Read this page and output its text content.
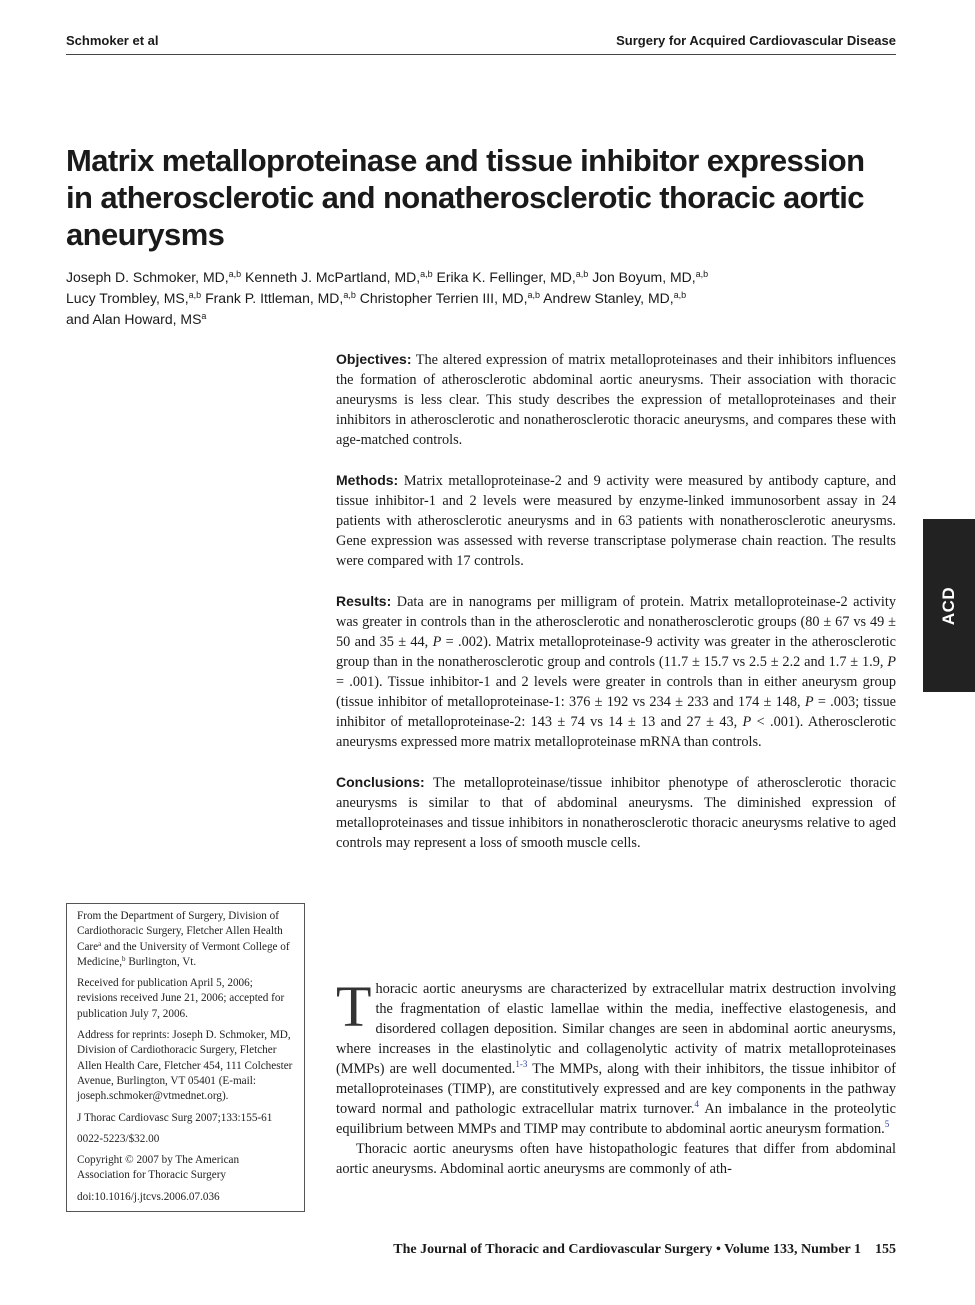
Schmoker et al	Surgery for Acquired Cardiovascular Disease
Matrix metalloproteinase and tissue inhibitor expression in atherosclerotic and nonatherosclerotic thoracic aortic aneurysms
Joseph D. Schmoker, MD,$^{a,b}$ Kenneth J. McPartland, MD,$^{a,b}$ Erika K. Fellinger, MD,$^{a,b}$ Jon Boyum, MD,$^{a,b}$
Lucy Trombley, MS,$^{a,b}$ Frank P. Ittleman, MD,$^{a,b}$ Christopher Terrien III, MD,$^{a,b}$ Andrew Stanley, MD,$^{a,b}$
and Alan Howard, $MS^a$

Objectives: The altered expression of matrix metalloproteinases and their inhibitors influences the formation of atherosclerotic abdominal aortic aneurysms. Their association with thoracic aneurysms is less clear. This study describes the expression of metalloproteinases and their inhibitors in atherosclerotic and nonatherosclerotic thoracic aneurysms, and compares these with age-matched controls.

Methods: Matrix metalloproteinase-2 and 9 activity were measured by antibody capture, and tissue inhibitor-1 and 2 levels were measured by enzyme-linked immunosorbent assay in 24 patients with atherosclerotic aneurysms and in 63 patients with nonatherosclerotic aneurysms. Gene expression was assessed with reverse transcriptase polymerase chain reaction. The results were compared with 17 controls.

Results: Data are in nanograms per milligram of protein. Matrix metalloproteinase-2 activity was greater in controls than in the atherosclerotic and nonatherosclerotic groups (80 ± 67 vs 49 ± 50 and 35 ± 44, P = .002). Matrix metalloproteinase-9 activity was greater in the atherosclerotic group than in the nonatherosclerotic group and controls (11.7 ± 15.7 vs 2.5 ± 2.2 and 1.7 ± 1.9, P = .001). Tissue inhibitor-1 and 2 levels were greater in controls than in either aneurysm group (tissue inhibitor of metalloproteinase-1: 376 ± 192 vs 234 ± 233 and 174 ± 148, P = .003; tissue inhibitor of metalloproteinase-2: 143 ± 74 vs 14 ± 13 and 27 ± 43, P < .001). Atherosclerotic aneurysms expressed more matrix metalloproteinase mRNA than controls.

Conclusions: The metalloproteinase/tissue inhibitor phenotype of atherosclerotic thoracic aneurysms is similar to that of abdominal aneurysms. The diminished expression of metalloproteinases and tissue inhibitors in nonatherosclerotic thoracic aneurysms relative to aged controls may represent a loss of smooth muscle cells.

ACD

From the Department of Surgery, Division of Cardiothoracic Surgery, Fletcher Allen Health Care$^a$ and the University of Vermont College of Medicine,$^b$ Burlington, Vt.

Received for publication April 5, 2006; revisions received June 21, 2006; accepted for publication July 7, 2006.

Address for reprints: Joseph D. Schmoker, MD, Division of Cardiothoracic Surgery, Fletcher Allen Health Care, Fletcher 454, 111 Colchester Avenue, Burlington, VT 05401 (E-mail: joseph.schmoker@vtmednet.org).

J Thorac Cardiovasc Surg 2007;133:155-61

0022-5223/$32.00

Copyright © 2007 by The American Association for Thoracic Surgery

doi:10.1016/j.jtcvs.2006.07.036

Thoracic aortic aneurysms are characterized by extracellular matrix destruction involving the fragmentation of elastic lamellae within the media, ineffective elastogenesis, and disordered collagen deposition. Similar changes are seen in abdominal aortic aneurysms, where increases in the elastinolytic and collagenolytic activity of matrix metalloproteinases (MMPs) are well documented.$^{1-3}$ The MMPs, along with their inhibitors, the tissue inhibitor of metalloproteinases (TIMP), are constitutively expressed and are key components in the pathway toward normal and pathologic extracellular matrix turnover.$^4$ An imbalance in the proteolytic equilibrium between MMPs and TIMP may contribute to abdominal aortic aneurysm formation.$^5$

Thoracic aortic aneurysms often have histopathologic features that differ from abdominal aortic aneurysms. Abdominal aortic aneurysms are commonly of ath-

The Journal of Thoracic and Cardiovascular Surgery • Volume 133, Number 1 155
